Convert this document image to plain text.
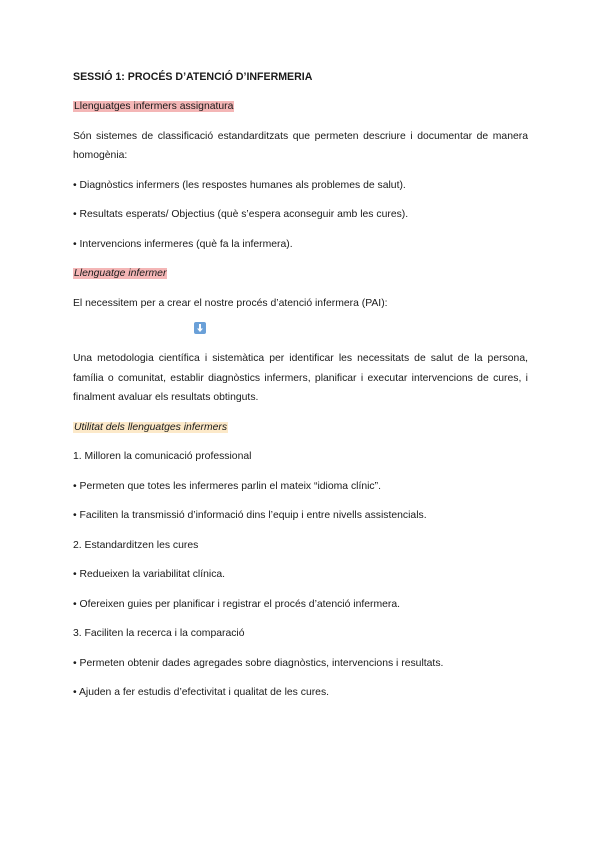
SESSIÓ 1: PROCÉS D’ATENCIÓ D’INFERMERIA
Llenguatges infermers assignatura
Són sistemes de classificació estandarditzats que permeten descriure i documentar de manera homogènia:
• Diagnòstics infermers (les respostes humanes als problemes de salut).
• Resultats esperats/ Objectius (què s’espera aconseguir amb les cures).
• Intervencions infermeres (què fa la infermera).
Llenguatge infermer
El necessitem per a crear el nostre procés d’atenció infermera (PAI):
Una metodologia científica i sistemàtica per identificar les necessitats de salut de la persona, família o comunitat, establir diagnòstics infermers, planificar i executar intervencions de cures, i finalment avaluar els resultats obtinguts.
Utilitat dels llenguatges infermers
1. Milloren la comunicació professional
• Permeten que totes les infermeres parlin el mateix “idioma clínic”.
• Faciliten la transmissió d’informació dins l’equip i entre nivells assistencials.
2. Estandarditzen les cures
• Redueixen la variabilitat clínica.
• Ofereixen guies per planificar i registrar el procés d’atenció infermera.
3. Faciliten la recerca i la comparació
• Permeten obtenir dades agregades sobre diagnòstics, intervencions i resultats.
• Ajuden a fer estudis d’efectivitat i qualitat de les cures.
